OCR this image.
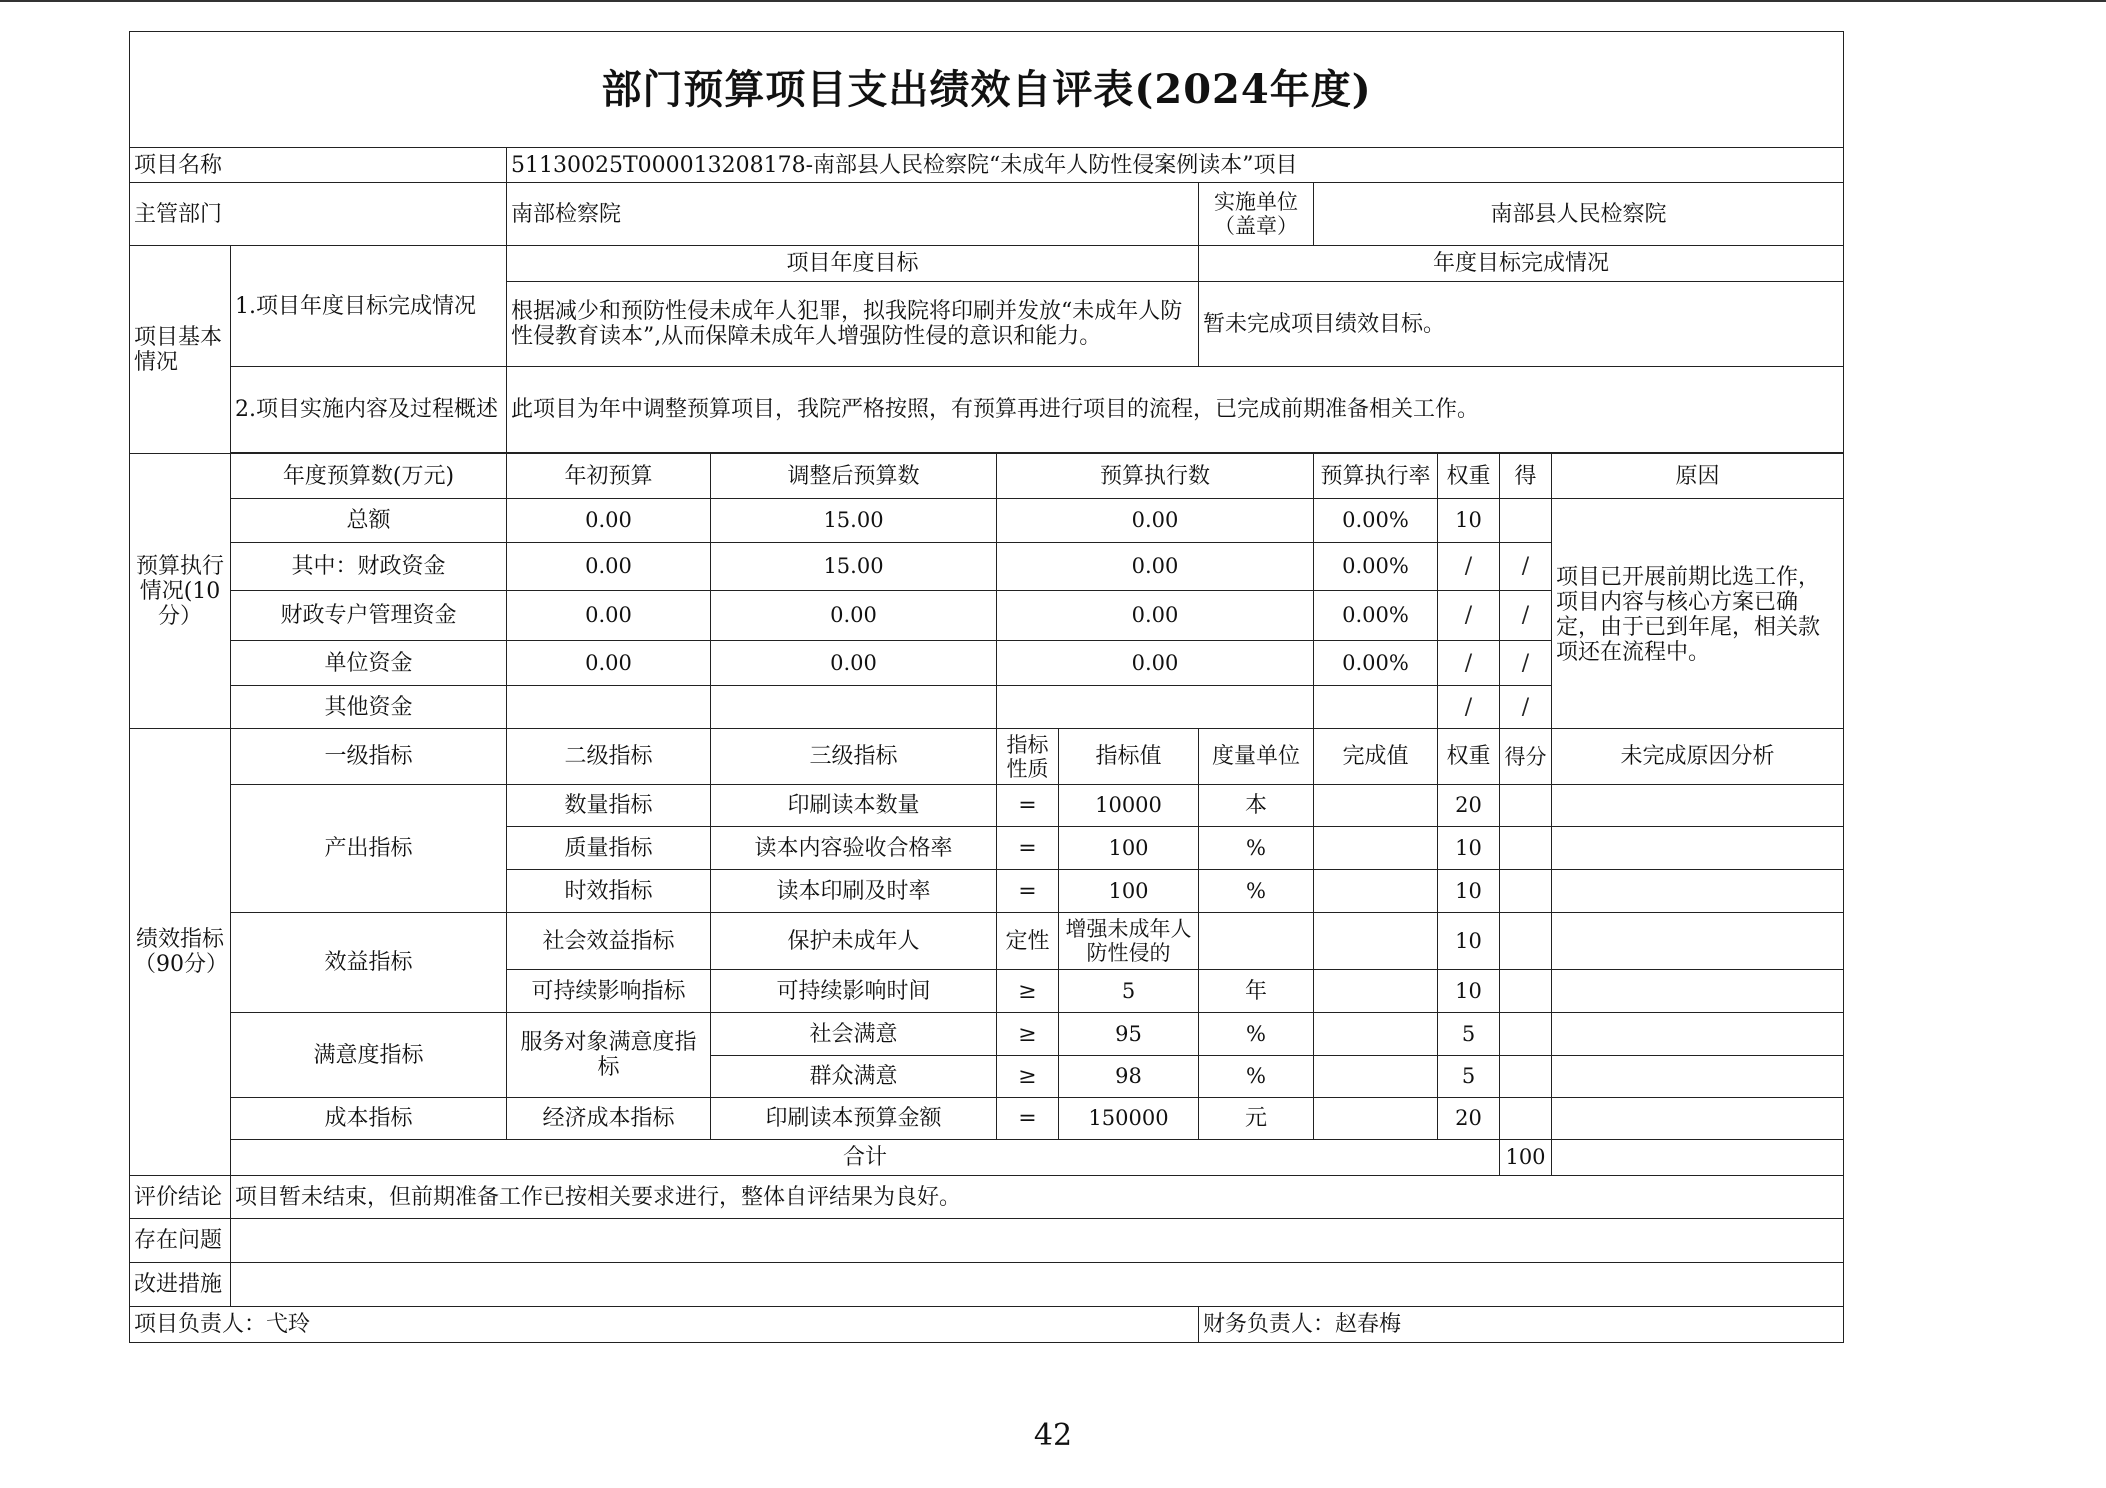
部门预算项目支出绩效自评表(2024年度)											
项目名称		51130025T000013208178-南部县人民检察院“未成年人防性侵案例读本”项目									
主管部门		南部检察院				实施单位（盖章）	南部县人民检察院				
项目基本情况	1.项目年度目标完成情况	项目年度目标				年度目标完成情况					
		根据减少和预防性侵未成年人犯罪，拟我院将印刷并发放“未成年人防性侵教育读本”,从而保障未成年人增强防性侵的意识和能力。				暂未完成项目绩效目标。					
	2.项目实施内容及过程概述	此项目为年中调整预算项目，我院严格按照，有预算再进行项目的流程，已完成前期准备相关工作。									

预算执行情况(10分）	年度预算数(万元)	年初预算	调整后预算数	预算执行数			预算执行率	权重	得	原因	
	总额	0.00	15.00	0.00			0.00%	10		项目已开展前期比选工作，项目内容与核心方案已确定，由于已到年尾，相关款项还在流程中。	
	其中：财政资金	0.00	15.00	0.00			0.00%	/	/		
	财政专户管理资金	0.00	0.00	0.00			0.00%	/	/		
	单位资金	0.00	0.00	0.00			0.00%	/	/		
	其他资金							/	/		
绩效指标（90分）	一级指标	二级指标	三级指标	指标性质	指标值	度量单位	完成值	权重	得分	未完成原因分析	
	产出指标	数量指标	印刷读本数量	=	10000	本		20			
		质量指标	读本内容验收合格率	=	100	%		10			
		时效指标	读本印刷及时率	=	100	%		10			
	效益指标	社会效益指标	保护未成年人	定性	增强未成年人防性侵的			10			
		可持续影响指标	可持续影响时间	≥	5	年		10			
	满意度指标	服务对象满意度指标	社会满意	≥	95	%		5			
			群众满意	≥	98	%		5			
	成本指标	经济成本指标	印刷读本预算金额	=	150000	元		20			
	合计								100		
评价结论	项目暂未结束，但前期准备工作已按相关要求进行，整体自评结果为良好。										
存在问题											
改进措施											
项目负责人：弋玲						财务负责人：赵春梅					
42
